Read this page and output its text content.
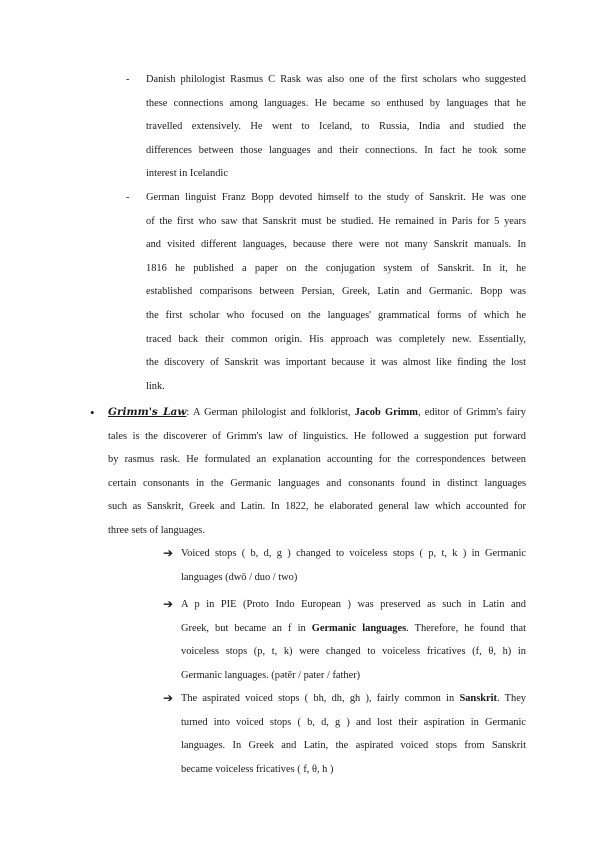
- Danish philologist Rasmus C Rask was also one of the first scholars who suggested
these connections among languages. He became so enthused by languages that he
travelled extensively. He went to Iceland, to Russia, India and studied the
differences between those languages and their connections. In fact he took some
interest in Icelandic
- German linguist Franz Bopp devoted himself to the study of Sanskrit. He was one
of the first who saw that Sanskrit must be studied. He remained in Paris for 5 years
and visited different languages, because there were not many Sanskrit manuals. In
1816 he published a paper on the conjugation system of Sanskrit. In it, he
established comparisons between Persian, Greek, Latin and Germanic. Bopp was
the first scholar who focused on the languages' grammatical forms of which he
traced back their common origin. His approach was completely new. Essentially,
the discovery of Sanskrit was important because it was almost like finding the lost
link.
• Grimm's Law: A German philologist and folklorist, Jacob Grimm, editor of Grimm's fairy
tales is the discoverer of Grimm's law of linguistics. He followed a suggestion put forward
by rasmus rask. He formulated an explanation accounting for the correspondences between
certain consonants in the Germanic languages and consonants found in distinct languages
such as Sanskrit, Greek and Latin. In 1822, he elaborated general law which accounted for
three sets of languages.
➔ Voiced stops ( b, d, g ) changed to voiceless stops ( p, t, k ) in Germanic
languages (dwō / duo / two)
➔ A p in PIE (Proto Indo European ) was preserved as such in Latin and
Greek, but became an f in Germanic languages. Therefore, he found that
voiceless stops (p, t, k) were changed to voiceless fricatives (f, θ, h) in
Germanic languages. (pətēr / pater / father)
➔ The aspirated voiced stops ( bh, dh, gh ), fairly common in Sanskrit. They
turned into voiced stops ( b, d, g ) and lost their aspiration in Germanic
languages. In Greek and Latin, the aspirated voiced stops from Sanskrit
became voiceless fricatives ( f, θ, h )
